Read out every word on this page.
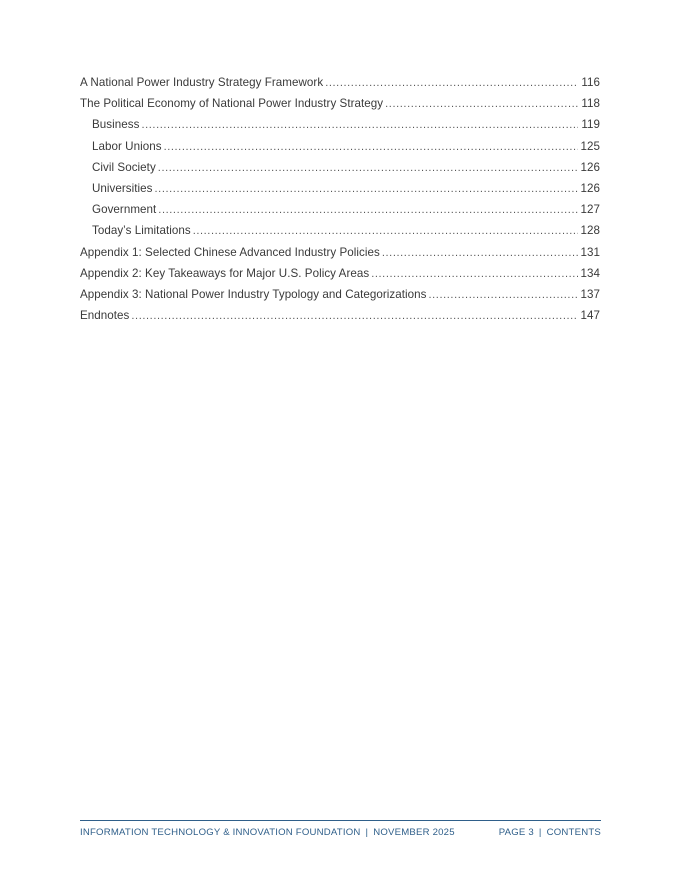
A National Power Industry Strategy Framework .....	116
The Political Economy of National Power Industry Strategy .....	118
Business .....	119
Labor Unions .....	125
Civil Society .....	126
Universities .....	126
Government .....	127
Today’s Limitations .....	128
Appendix 1: Selected Chinese Advanced Industry Policies .....	131
Appendix 2: Key Takeaways for Major U.S. Policy Areas .....	134
Appendix 3: National Power Industry Typology and Categorizations .....	137
Endnotes .....	147
INFORMATION TECHNOLOGY & INNOVATION FOUNDATION | NOVEMBER 2025	PAGE 3 | CONTENTS
